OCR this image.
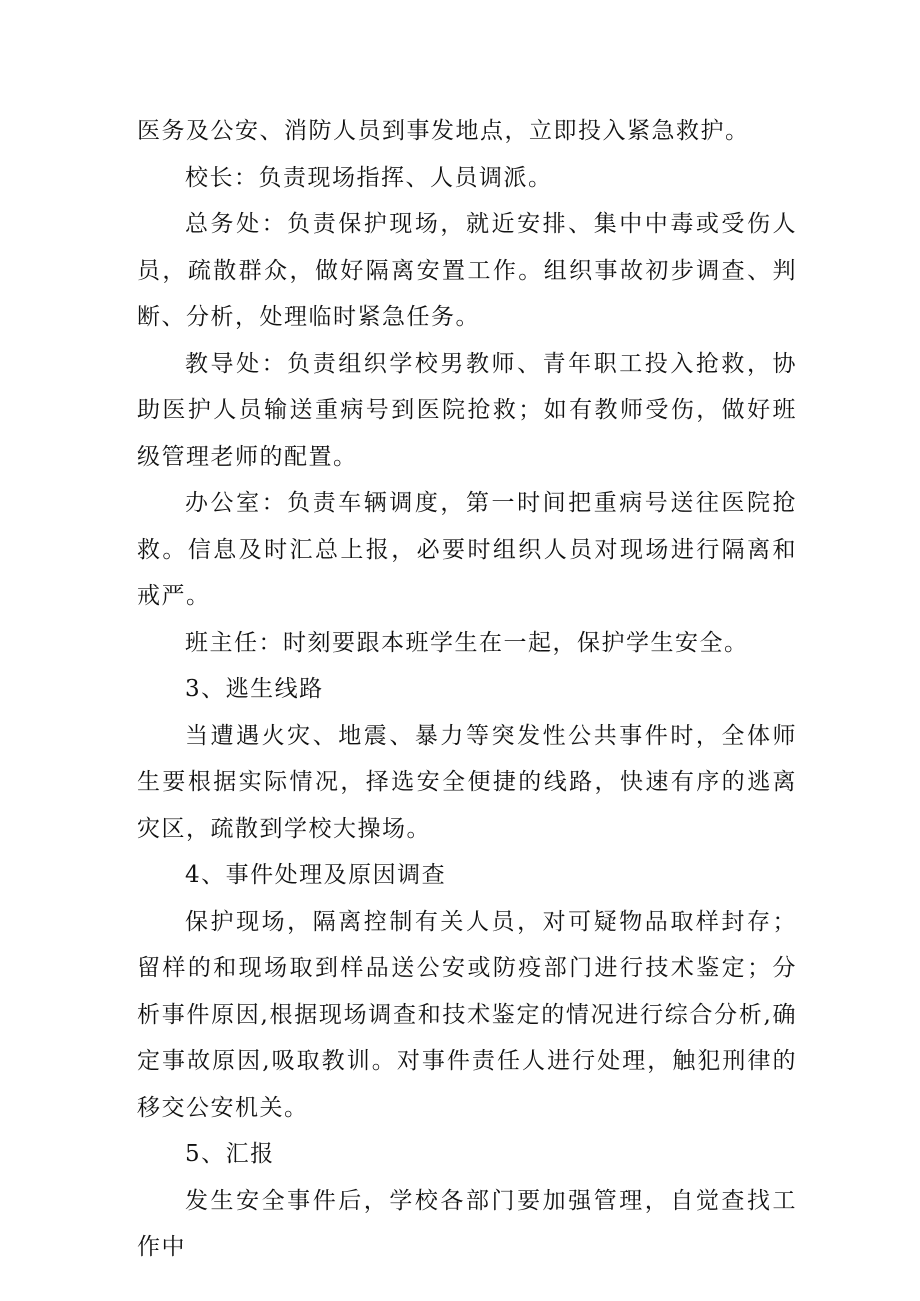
医务及公安、消防人员到事发地点，立即投入紧急救护。

校长：负责现场指挥、人员调派。

总务处：负责保护现场，就近安排、集中中毒或受伤人员，疏散群众，做好隔离安置工作。组织事故初步调查、判断、分析，处理临时紧急任务。

教导处：负责组织学校男教师、青年职工投入抢救，协助医护人员输送重病号到医院抢救；如有教师受伤，做好班级管理老师的配置。

办公室：负责车辆调度，第一时间把重病号送往医院抢救。信息及时汇总上报，必要时组织人员对现场进行隔离和戒严。

班主任：时刻要跟本班学生在一起，保护学生安全。

3、逃生线路

当遭遇火灾、地震、暴力等突发性公共事件时，全体师生要根据实际情况，择选安全便捷的线路，快速有序的逃离灾区，疏散到学校大操场。

4、事件处理及原因调查

保护现场，隔离控制有关人员，对可疑物品取样封存；留样的和现场取到样品送公安或防疫部门进行技术鉴定；分析事件原因,根据现场调查和技术鉴定的情况进行综合分析,确定事故原因,吸取教训。对事件责任人进行处理，触犯刑律的移交公安机关。

5、汇报

发生安全事件后，学校各部门要加强管理，自觉查找工作中
